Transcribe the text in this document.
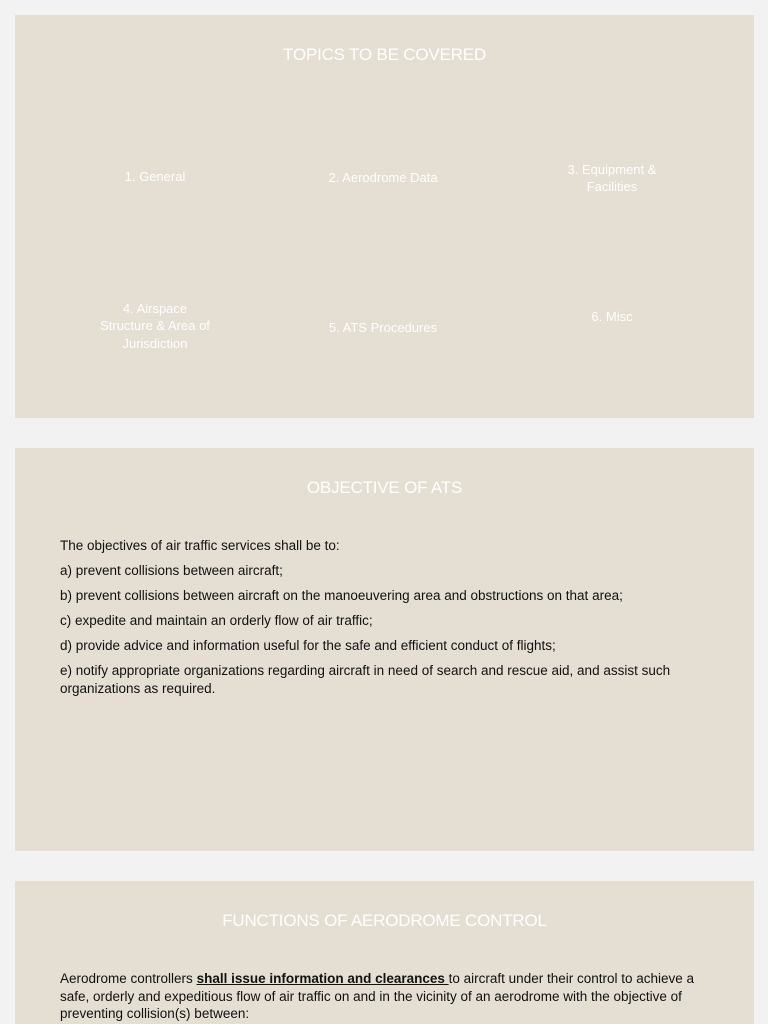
TOPICS TO BE COVERED
1. General	2. Aerodrome Data
3. Equipment & Facilities
4. Airspace Structure & Area of Jurisdiction
5. ATS Procedures
6. Misc
OBJECTIVE OF ATS

The objectives of air traffic services shall be to:

a) prevent collisions between aircraft;

b) prevent collisions between aircraft on the manoeuvering area and obstructions on that area;

c) expedite and maintain an orderly flow of air traffic;

d) provide advice and information useful for the safe and efficient conduct of flights;

e) notify appropriate organizations regarding aircraft in need of search and rescue aid, and assist such organizations as required.

FUNCTIONS OF AERODROME CONTROL
Aerodrome controllers shall issue information and clearances to aircraft under their control to achieve a safe, orderly and expeditious flow of air traffic on and in the vicinity of an aerodrome with the objective of preventing collision(s) between:
